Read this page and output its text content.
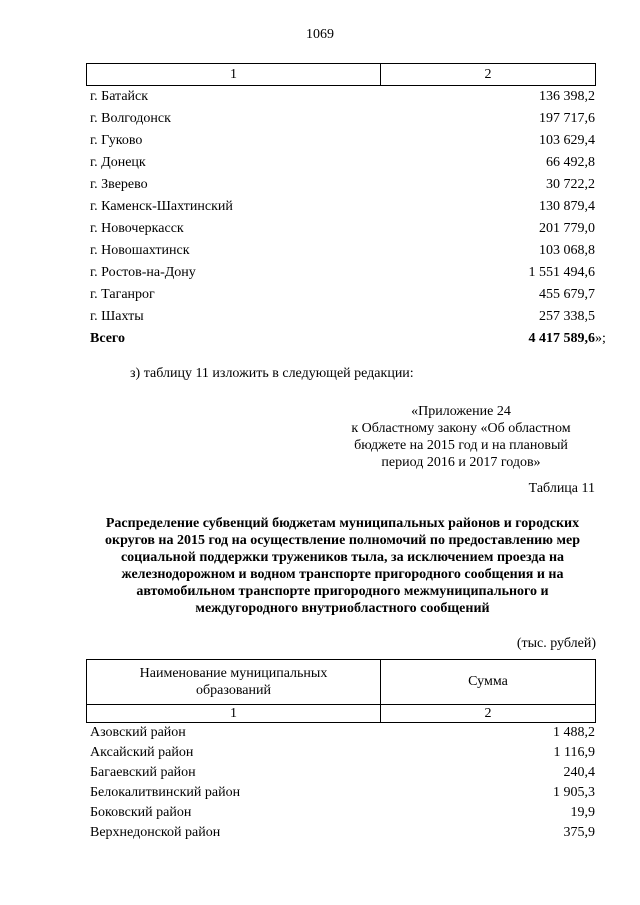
1069
1	2
г. Батайск	136 398,2
г. Волгодонск	197 717,6
г. Гуково	103 629,4
г. Донецк	66 492,8
г. Зверево	30 722,2
г. Каменск-Шахтинский	130 879,4
г. Новочеркасск	201 779,0
г. Новошахтинск	103 068,8
г. Ростов-на-Дону	1 551 494,6
г. Таганрог	455 679,7
г. Шахты	257 338,5
Всего	4 417 589,6 »;
з) таблицу 11 изложить в следующей редакции:
«Приложение 24
к Областному закону «Об областном
бюджете на 2015 год и на плановый
период 2016 и 2017 годов»
Таблица 11
Распределение субвенций бюджетам муниципальных районов и городских
округов на 2015 год на осуществление полномочий по предоставлению мер
социальной поддержки тружеников тыла, за исключением проезда на
железнодорожном и водном транспорте пригородного сообщения и на
автомобильном транспорте пригородного межмуниципального и
междугородного внутриобластного сообщений
(тыс. рублей)
Наименование муниципальных
образований
Сумма
1	2
Азовский район	1 488,2
Аксайский район	1 116,9
Багаевский район	240,4
Белокалитвинский район	1 905,3
Боковский район	19,9
Верхнедонской район	375,9
